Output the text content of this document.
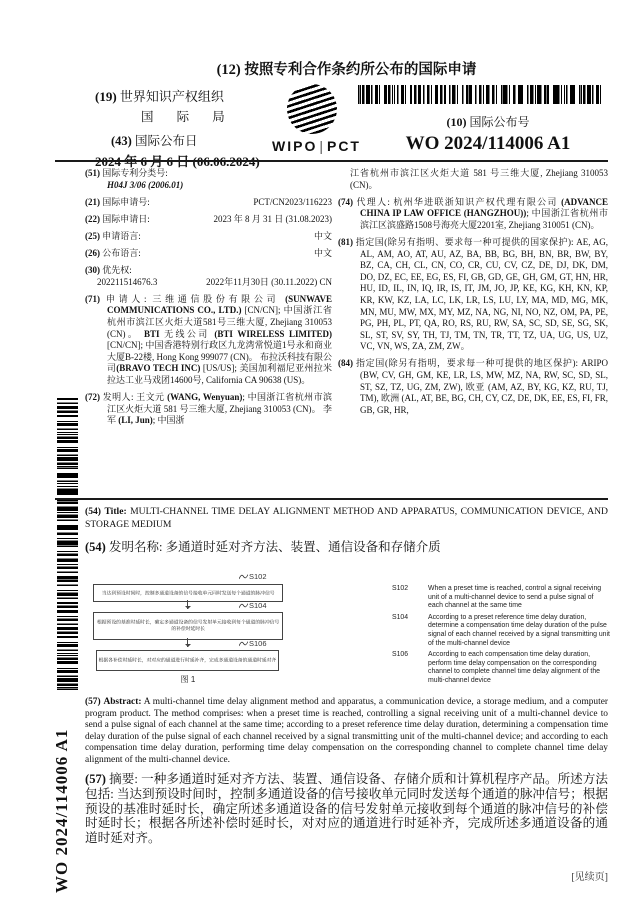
(12) 按照专利合作条约所公布的国际申请
(19) 世界知识产权组织
国 际 局
(43) 国际公布日	WIPO | PCT
(10) 国际公布号
WO 2024/114006 A1
WO 2024/114006 A1
(51) 国际专利分类号:
H04J 3/06 (2006.01)
(21) 国际申请号:	PCT/CN2023/116223
(22) 国际申请日:	2023 年 8 月 31 日 (31.08.2023)
(25) 申请语言:	中文
(26) 公布语言:	中文
(30) 优先权:
202211514676.3	2022年11月30日 (30.11.2022) CN
(71) 申请人: 三维通信股份有限公司 (SUNWAVE COMMUNICATIONS CO., LTD.) [CN/CN]; 中国浙江省杭州市滨江区火炬大道581号三维大厦, Zhejiang 310053 (CN)。 BTI 无线公司 (BTI WIRELESS LIMITED) [CN/CN]; 中国香港特别行政区九龙湾常悦道1号永和商业大厦B-22楼, Hong Kong 999077 (CN)。 布拉沃科技有限公司(BRAVO TECH INC) [US/US]; 美国加利福尼亚州拉米拉达工业马戏团14600号, California CA 90638 (US)。
(72) 发明人: 王文元 (WANG, Wenyuan); 中国浙江省杭州市滨江区火炬大道 581 号三维大厦, Zhejiang 310053 (CN)。 李军 (LI, Jun); 中国浙
江省杭州市滨江区火炬大道 581 号三维大厦, Zhejiang 310053 (CN)。
(74) 代理人: 杭州华进联浙知识产权代理有限公司 (ADVANCE CHINA IP LAW OFFICE (HANGZHOU)); 中国浙江省杭州市滨江区滨盛路1508号海亮大厦2201室, Zhejiang 310051 (CN)。
(81) 指定国(除另有指明、要求每一种可提供的国家保护): AE, AG, AL, AM, AO, AT, AU, AZ, BA, BB, BG, BH, BN, BR, BW, BY, BZ, CA, CH, CL, CN, CO, CR, CU, CV, CZ, DE, DJ, DK, DM, DO, DZ, EC, EE, EG, ES, FI, GB, GD, GE, GH, GM, GT, HN, HR, HU, ID, IL, IN, IQ, IR, IS, IT, JM, JO, JP, KE, KG, KH, KN, KP, KR, KW, KZ, LA, LC, LK, LR, LS, LU, LY, MA, MD, MG, MK, MN, MU, MW, MX, MY, MZ, NA, NG, NI, NO, NZ, OM, PA, PE, PG, PH, PL, PT, QA, RO, RS, RU, RW, SA, SC, SD, SE, SG, SK, SL, ST, SV, SY, TH, TJ, TM, TN, TR, TT, TZ, UA, UG, US, UZ, VC, VN, WS, ZA, ZM, ZW。
(84) 指定国(除另有指明，要求每一种可提供的地区保护): ARIPO (BW, CV, GH, GM, KE, LR, LS, MW, MZ, NA, RW, SC, SD, SL, ST, SZ, TZ, UG, ZM, ZW), 欧亚 (AM, AZ, BY, KG, KZ, RU, TJ, TM), 欧洲 (AL, AT, BE, BG, CH, CY, CZ, DE, DK, EE, ES, FI, FR, GB, GR, HR,
(54) Title: MULTI-CHANNEL TIME DELAY ALIGNMENT METHOD AND APPARATUS, COMMUNICATION DEVICE, AND STORAGE MEDIUM
(54) 发明名称: 多通道时延对齐方法、装置、通信设备和存储介质
S102
当达到预设时间时，控制多通道设备的信号接收单元同时发送每个通道的脉冲信号
S104
根据预设的基准时延时长，确定多通道设备的信号发射单元接收到每个通道的脉冲信号的补偿时延时长
S106
根据各补偿时延时长，对对应的通道进行时延补齐，完成多通道设备的通道时延对齐
图 1
S102	When a preset time is reached, control a signal receiving unit of a multi-channel device to send a pulse signal of each channel at the same time
S104	According to a preset reference time delay duration, determine a compensation time delay duration of the pulse signal of each channel received by a signal transmitting unit of the multi-channel device
S106	According to each compensation time delay duration, perform time delay compensation on the corresponding channel to complete channel time delay alignment of the multi-channel device
(57) Abstract: A multi-channel time delay alignment method and apparatus, a communication device, a storage medium, and a computer program product. The method comprises: when a preset time is reached, controlling a signal receiving unit of a multi-channel device to send a pulse signal of each channel at the same time; according to a preset reference time delay duration, determining a compensation time delay duration of the pulse signal of each channel received by a signal transmitting unit of the multi-channel device; and according to each compensation time delay duration, performing time delay compensation on the corresponding channel to complete channel time delay alignment of the multi-channel device.
(57) 摘要: 一种多通道时延对齐方法、装置、通信设备、存储介质和计算机程序产品。所述方法包括: 当达到预设时间时，控制多通道设备的信号接收单元同时发送每个通道的脉冲信号；根据预设的基准时延时长，确定所述多通道设备的信号发射单元接收到每个通道的脉冲信号的补偿时延时长；根据各所述补偿时延时长，对对应的通道进行时延补齐，完成所述多通道设备的通道时延对齐。
[见续页]
